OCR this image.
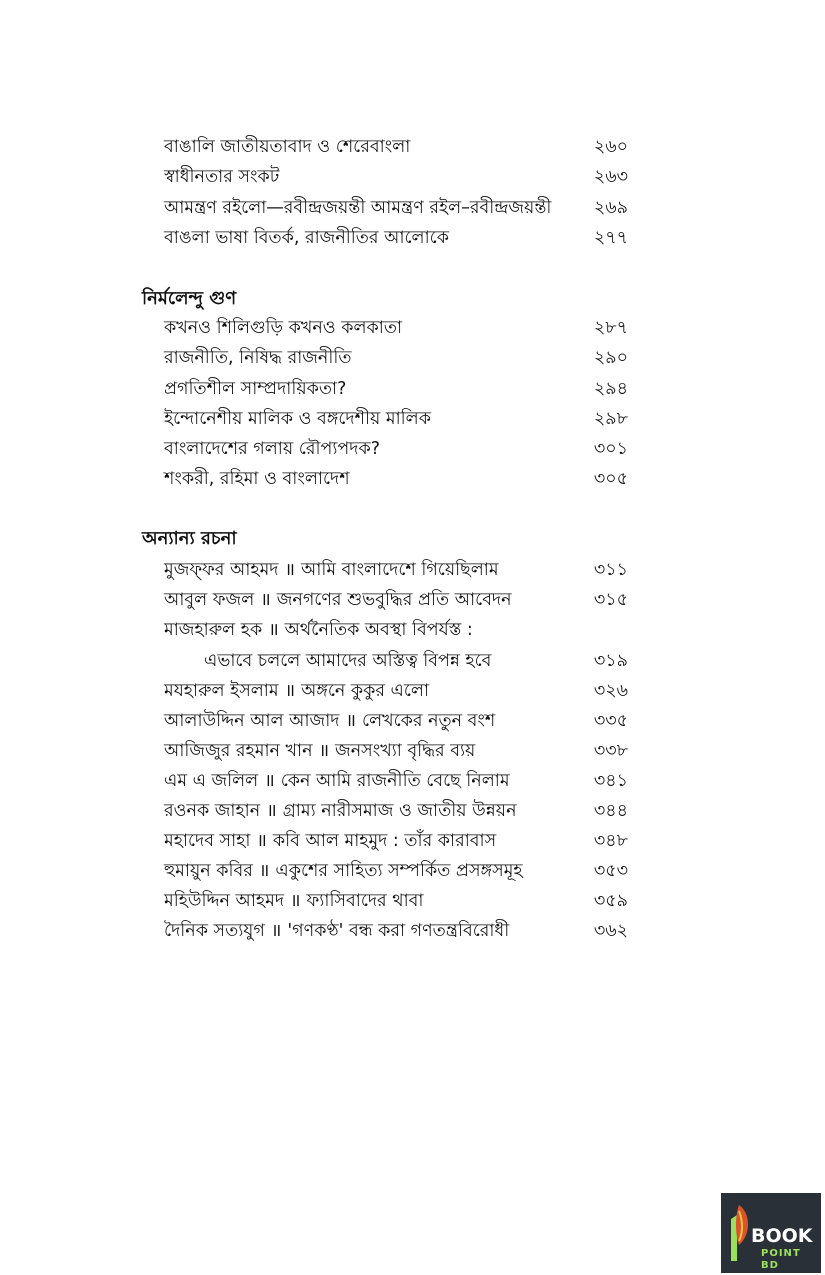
বাঙালি জাতীয়তাবাদ ও শেরেবাংলা	২৬০
স্বাধীনতার সংকট	২৬৩
আমন্ত্রণ রইলো—রবীন্দ্রজয়ন্তী আমন্ত্রণ রইল–রবীন্দ্রজয়ন্তী ২৬৯
বাঙলা ভাষা বিতর্ক, রাজনীতির আলোকে	২৭৭
নির্মলেন্দু গুণ
কখনও শিলিগুড়ি কখনও কলকাতা	২৮৭
রাজনীতি, নিষিদ্ধ রাজনীতি	২৯০
প্রগতিশীল সাম্প্রদায়িকতা?	২৯৪
ইন্দোনেশীয় মালিক ও বঙ্গদেশীয় মালিক	২৯৮
বাংলাদেশের গলায় রৌপ্যপদক?	৩০১
শংকরী, রহিমা ও বাংলাদেশ	৩০৫
অন্যান্য রচনা
মুজফ্ফর আহমদ ॥ আমি বাংলাদেশে গিয়েছিলাম	৩১১
আবুল ফজল ॥ জনগণের শুভবুদ্ধির প্রতি আবেদন	৩১৫
মাজহারুল হক ॥ অর্থনৈতিক অবস্থা বিপর্যস্ত :
এভাবে চললে আমাদের অস্তিত্ব বিপন্ন হবে	৩১৯
মযহারুল ইসলাম ॥ অঙ্গনে কুকুর এলো	৩২৬
আলাউদ্দিন আল আজাদ ॥ লেখকের নতুন বংশ	৩৩৫
আজিজুর রহমান খান ॥ জনসংখ্যা বৃদ্ধির ব্যয়	৩৩৮
এম এ জলিল ॥ কেন আমি রাজনীতি বেছে নিলাম	৩৪১
রওনক জাহান ॥ গ্রাম্য নারীসমাজ ও জাতীয় উন্নয়ন	৩৪৪
মহাদেব সাহা ॥ কবি আল মাহমুদ : তাঁর কারাবাস	৩৪৮
হুমায়ুন কবির ॥ একুশের সাহিত্য সম্পর্কিত প্রসঙ্গসমূহ	৩৫৩
মহিউদ্দিন আহমদ ॥ ফ্যাসিবাদের থাবা	৩৫৯
দৈনিক সত্যযুগ ॥ 'গণকণ্ঠ' বন্ধ করা গণতন্ত্রবিরোধী	৩৬২
BOOK
POINT BD
